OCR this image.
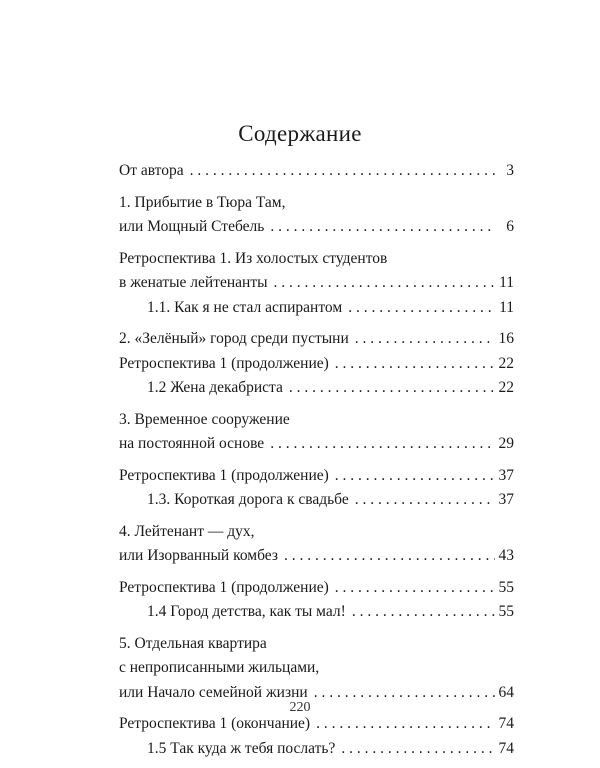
Содержание
От автора . . .	3
1. Прибытие в Тюра Там,
или Мощный Стебель . . .	6
Ретроспектива 1. Из холостых студентов
в женатые лейтенанты . . .	11
1.1. Как я не стал аспирантом . . .	11
2. «Зелёный» город среди пустыни . . .	16
Ретроспектива 1 (продолжение) . . .	22
1.2 Жена декабриста . . .	22
3. Временное сооружение
на постоянной основе . . .	29
Ретроспектива 1 (продолжение) . . .	37
1.3. Короткая дорога к свадьбе . . .	37
4. Лейтенант — дух,
или Изорванный комбез . . .	43
Ретроспектива 1 (продолжение) . . .	55
1.4 Город детства, как ты мал! . . .	55
5. Отдельная квартира
с непрописанными жильцами,
или Начало семейной жизни . . .	64
Ретроспектива 1 (окончание) . . .	74
1.5 Так куда ж тебя послать? . . .	74
220
